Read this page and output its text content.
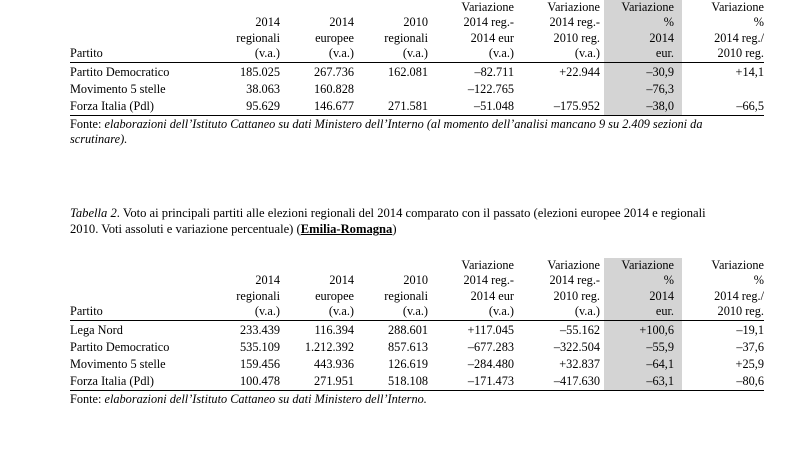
				Variazione	Variazione	Variazione	Variazione
	2014	2014	2010	2014 reg.-	2014 reg.-	%	%
	regionali	europee	regionali	2014 eur	2010 reg.	2014	2014 reg./
Partito	(v.a.)	(v.a.)	(v.a.)	(v.a.)	(v.a.)	eur.	2010 reg.
Partito Democratico	185.025	267.736	162.081	–82.711	+22.944	–30,9	+14,1
Movimento 5 stelle	38.063	160.828		–122.765		–76,3	
Forza Italia (Pdl)	95.629	146.677	271.581	–51.048	–175.952	–38,0	–66,5
Fonte: elaborazioni dell’Istituto Cattaneo su dati Ministero dell’Interno (al momento dell’analisi mancano 9 su 2.409 sezioni da scrutinare).
Tabella 2. Voto ai principali partiti alle elezioni regionali del 2014 comparato con il passato (elezioni europee 2014 e regionali 2010. Voti assoluti e variazione percentuale) (Emilia-Romagna)
				Variazione	Variazione	Variazione	Variazione
	2014	2014	2010	2014 reg.-	2014 reg.-	%	%
	regionali	europee	regionali	2014 eur	2010 reg.	2014	2014 reg./
Partito	(v.a.)	(v.a.)	(v.a.)	(v.a.)	(v.a.)	eur.	2010 reg.
Lega Nord	233.439	116.394	288.601	+117.045	–55.162	+100,6	–19,1
Partito Democratico	535.109	1.212.392	857.613	–677.283	–322.504	–55,9	–37,6
Movimento 5 stelle	159.456	443.936	126.619	–284.480	+32.837	–64,1	+25,9
Forza Italia (Pdl)	100.478	271.951	518.108	–171.473	–417.630	–63,1	–80,6
Fonte: elaborazioni dell’Istituto Cattaneo su dati Ministero dell’Interno.
